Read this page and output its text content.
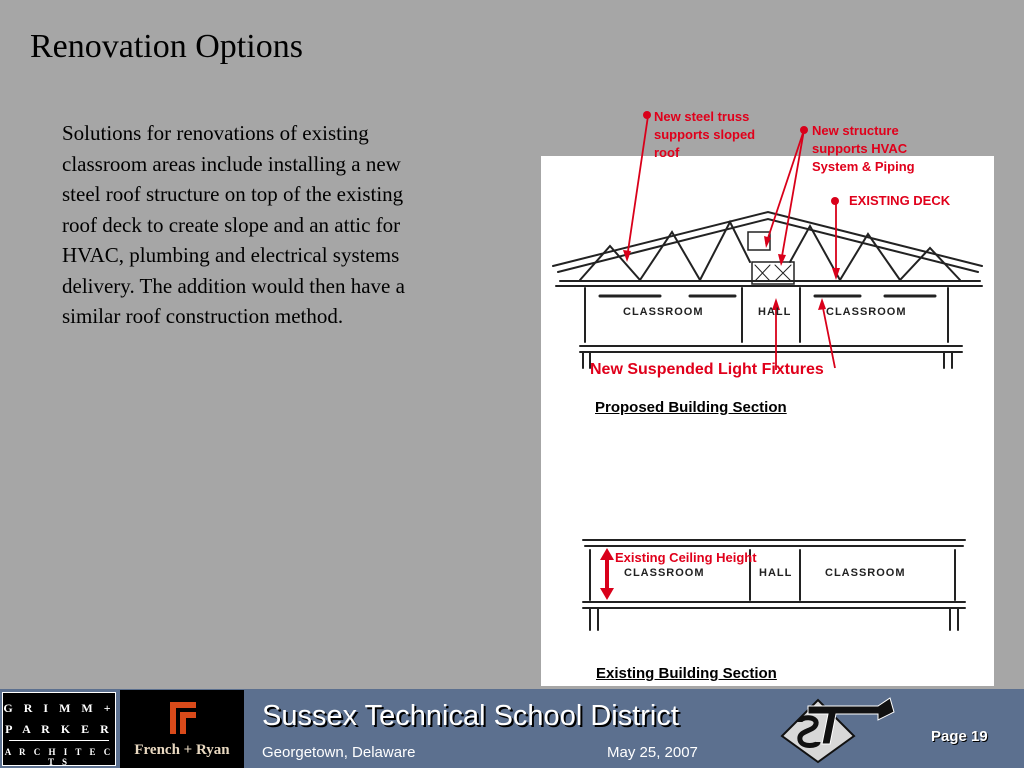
Renovation Options
Solutions for renovations of existing classroom areas include installing a new steel roof structure on top of the existing roof deck to create slope and an attic for HVAC, plumbing and electrical systems delivery. The addition would then have a similar roof construction method.	CLASSROOM	HALL	CLASSROOM
CLASSROOM	HALL	CLASSROOM
New steel truss
supports sloped
roof
New structure
supports HVAC
System & Piping
EXISTING DECK
New Suspended Light Fixtures
Proposed Building Section
Existing Ceiling Height
Existing Building Section
G R I M M +
P A R K E R
A R C H I T E C T S
French + Ryan
Sussex Technical School District
Georgetown, Delaware	May 25, 2007
Page 19
